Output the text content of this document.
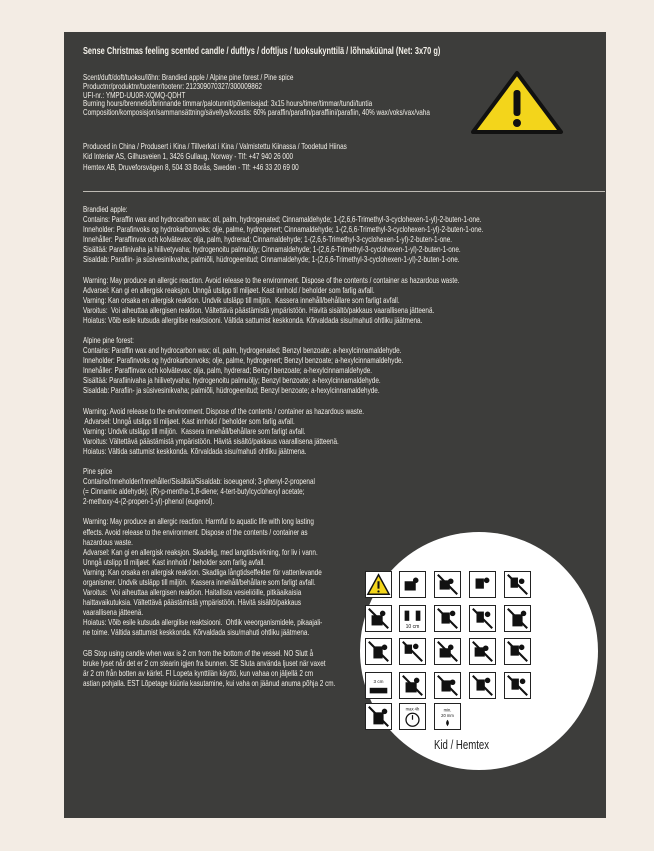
Sense Christmas feeling scented candle / duftlys / doftljus / tuoksukynttilä / lõhnaküünal (Net: 3x70 g)
Scent/duft/doft/tuoksu/lõhn: Brandied apple / Alpine pine forest / Pine spice
Productnr/produktnr/tuotenr/tootenr: 212309070327/300009862
UFI-nr.: YMPD-UU0R-XQMQ-QDHT
Burning hours/brennetid/brinnande timmar/palotunnit/põlemisajad: 3x15 hours/timer/timmar/tundi/tuntia
Composition/komposisjon/sammansättning/sävellys/koostis: 60% paraffin/parafin/paraffiini/parafiin, 40% wax/voks/vax/vaha
Produced in China / Produsert i Kina / Tillverkat i Kina / Valmistettu Kiinassa / Toodetud Hiinas
Kid Interiør AS, Gilhusveien 1, 3426 Gullaug, Norway - Tlf: +47 940 26 000
Hemtex AB, Druveforsvägen 8, 504 33 Borås, Sweden - Tlf: +46 33 20 69 00
Brandied apple:
Contains: Paraffin wax and hydrocarbon wax; oil, palm, hydrogenated; Cinnamaldehyde; 1-(2,6,6-Trimethyl-3-cyclohexen-1-yl)-2-buten-1-one.
Inneholder: Parafinvoks og hydrokarbonvoks; olje, palme, hydrogenert; Cinnamaldehyde; 1-(2,6,6-Trimethyl-3-cyclohexen-1-yl)-2-buten-1-one.
Innehåller: Paraffinvax och kolvätevax; olja, palm, hydrerad; Cinnamaldehyde; 1-(2,6,6-Trimethyl-3-cyclohexen-1-yl)-2-buten-1-one.
Sisältää: Parafiinivaha ja hiilivetyvaha; hydrogenoitu palmuöljy; Cinnamaldehyde; 1-(2,6,6-Trimethyl-3-cyclohexen-1-yl)-2-buten-1-one.
Sisaldab: Parafiin- ja süsivesinikvaha; palmiõli, hüdrogeenitud; Cinnamaldehyde; 1-(2,6,6-Trimethyl-3-cyclohexen-1-yl)-2-buten-1-one.
Warning: May produce an allergic reaction. Avoid release to the environment. Dispose of the contents / container as hazardous waste.
Advarsel: Kan gi en allergisk reaksjon. Unngå utslipp til miljøet. Kast innhold / beholder som farlig avfall.
Varning: Kan orsaka en allergisk reaktion. Undvik utsläpp till miljön.  Kassera innehåll/behållare som farligt avfall.
Varoitus:  Voi aiheuttaa allergisen reaktion. Vältettävä päästämistä ympäristöön. Hävitä sisältö/pakkaus vaarallisena jätteenä.
Hoiatus: Võib esile kutsuda allergilise reaktsiooni. Vältida sattumist keskkonda. Kõrvaldada sisu/mahuti ohtliku jäätmena.
Alpine pine forest:
Contains: Paraffin wax and hydrocarbon wax; oil, palm, hydrogenated; Benzyl benzoate; a-hexylcinnamaldehyde.
Inneholder: Parafinvoks og hydrokarbonvoks; olje, palme, hydrogenert; Benzyl benzoate; a-hexylcinnamaldehyde.
Innehåller: Paraffinvax och kolvätevax; olja, palm, hydrerad; Benzyl benzoate; a-hexylcinnamaldehyde.
Sisältää: Parafiinivaha ja hiilivetyvaha; hydrogenoitu palmuöljy; Benzyl benzoate; a-hexylcinnamaldehyde.
Sisaldab: Parafiin- ja süsivesinikvaha; palmiõli, hüdrogeenitud; Benzyl benzoate; a-hexylcinnamaldehyde.
Warning: Avoid release to the environment. Dispose of the contents / container as hazardous waste.
Advarsel: Unngå utslipp til miljøet. Kast innhold / beholder som farlig avfall.
Varning: Undvik utsläpp till miljön.  Kassera innehåll/behållare som farligt avfall.
Varoitus: Vältettävä päästämistä ympäristöön. Hävitä sisältö/pakkaus vaarallisena jätteenä.
Hoiatus: Vältida sattumist keskkonda. Kõrvaldada sisu/mahuti ohtliku jäätmena.
Pine spice
Contains/Inneholder/Innehåller/Sisältää/Sisaldab: isoeugenol; 3-phenyl-2-propenal
(= Cinnamic aldehyde); (R)-p-mentha-1,8-diene; 4-tert-butylcyclohexyl acetate;
2-methoxy-4-(2-propen-1-yl)-phenol (eugenol).
Warning: May produce an allergic reaction. Harmful to aquatic life with long lasting
effects. Avoid release to the environment. Dispose of the contents / container as
hazardous waste.
Advarsel: Kan gi en allergisk reaksjon. Skadelig, med langtidsvirkning, for liv i vann.
Unngå utslipp til miljøet. Kast innhold / beholder som farlig avfall.
Varning: Kan orsaka en allergisk reaktion. Skadliga långtidseffekter för vattenlevande
organismer. Undvik utsläpp till miljön.  Kassera innehåll/behållare som farligt avfall.
Varoitus:  Voi aiheuttaa allergisen reaktion. Haitallista vesieliöille, pitkäaikaisia
haittavaikutuksia. Vältettävä päästämistä ympäristöön. Hävitä sisältö/pakkaus
vaarallisena jätteenä.
Hoiatus: Võib esile kutsuda allergilise reaktsiooni.  Ohtlik veeorganismidele, pikaajali-
ne toime. Vältida sattumist keskkonda. Kõrvaldada sisu/mahuti ohtliku jäätmena.
GB Stop using candle when wax is 2 cm from the bottom of the vessel. NO Slutt å
bruke lyset når det er 2 cm stearin igjen fra bunnen. SE Sluta använda ljuset när vaxet
är 2 cm från botten av kärlet. FI Lopeta kynttilän käyttö, kun vahaa on jäljellä 2 cm
astian pohjalla. EST Lõpetage küünla kasutamine, kui vaha on jäänud anuma põhja 2 cm.
10 cm
3 cm
max 4h	min.
20 mm
Kid / Hemtex
